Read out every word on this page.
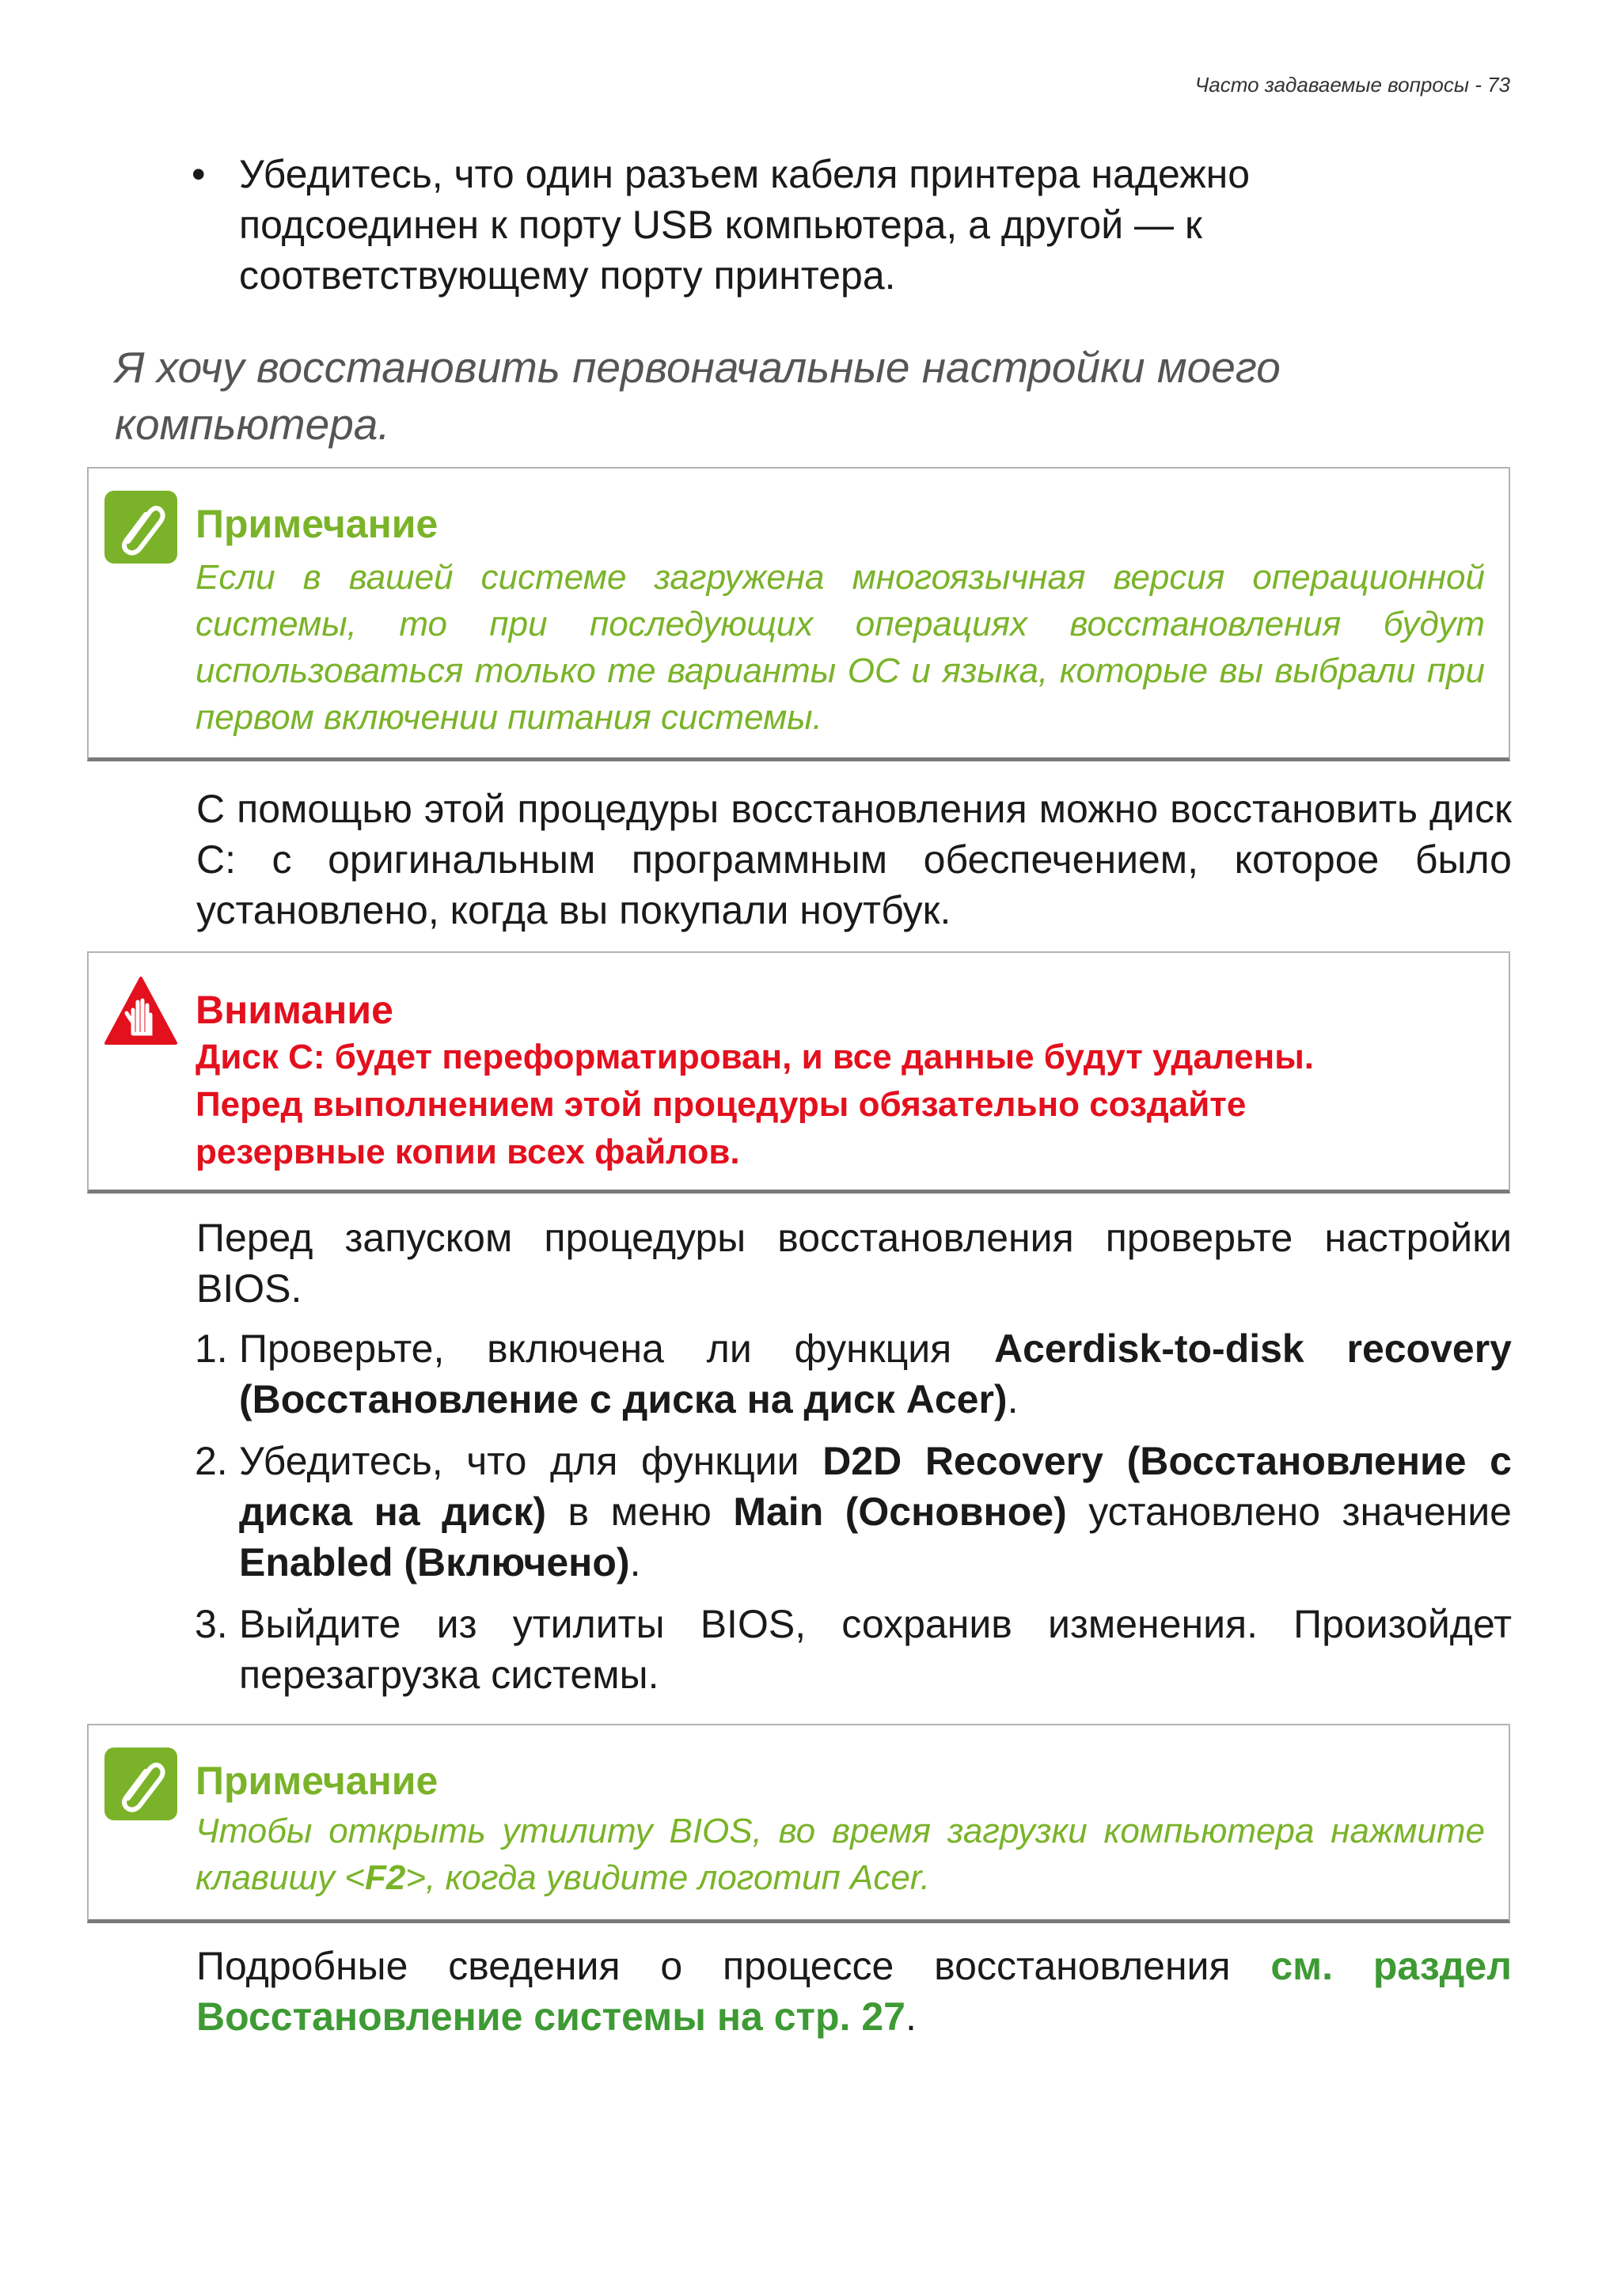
Часто задаваемые вопросы - 73
• Убедитесь, что один разъем кабеля принтера надежно
подсоединен к порту USB компьютера, а другой — к
соответствующему порту принтера.
Я хочу восстановить первоначальные настройки моего
компьютера.
Примечание
Если в вашей системе загружена многоязычная версия операционной системы, то при последующих операциях восстановления будут использоваться только те варианты ОС и языка, которые вы выбрали при первом включении питания системы.
С помощью этой процедуры восстановления можно восстановить диск C: с оригинальным программным обеспечением, которое было установлено, когда вы покупали ноутбук.
Внимание
Диск C: будет переформатирован, и все данные будут удалены.
Перед выполнением этой процедуры обязательно создайте
резервные копии всех файлов.
Перед запуском процедуры восстановления проверьте настройки BIOS.
1. Проверьте, включена ли функция Acerdisk-to-disk recovery (Восстановление с диска на диск Acer).
2. Убедитесь, что для функции D2D Recovery (Восстановление с диска на диск) в меню Main (Основное) установлено значение Enabled (Включено).
3. Выйдите из утилиты BIOS, сохранив изменения. Произойдет перезагрузка системы.
Примечание
Чтобы открыть утилиту BIOS, во время загрузки компьютера нажмите клавишу <F2>, когда увидите логотип Acer.
Подробные сведения о процессе восстановления см. раздел Восстановление системы на стр. 27.
